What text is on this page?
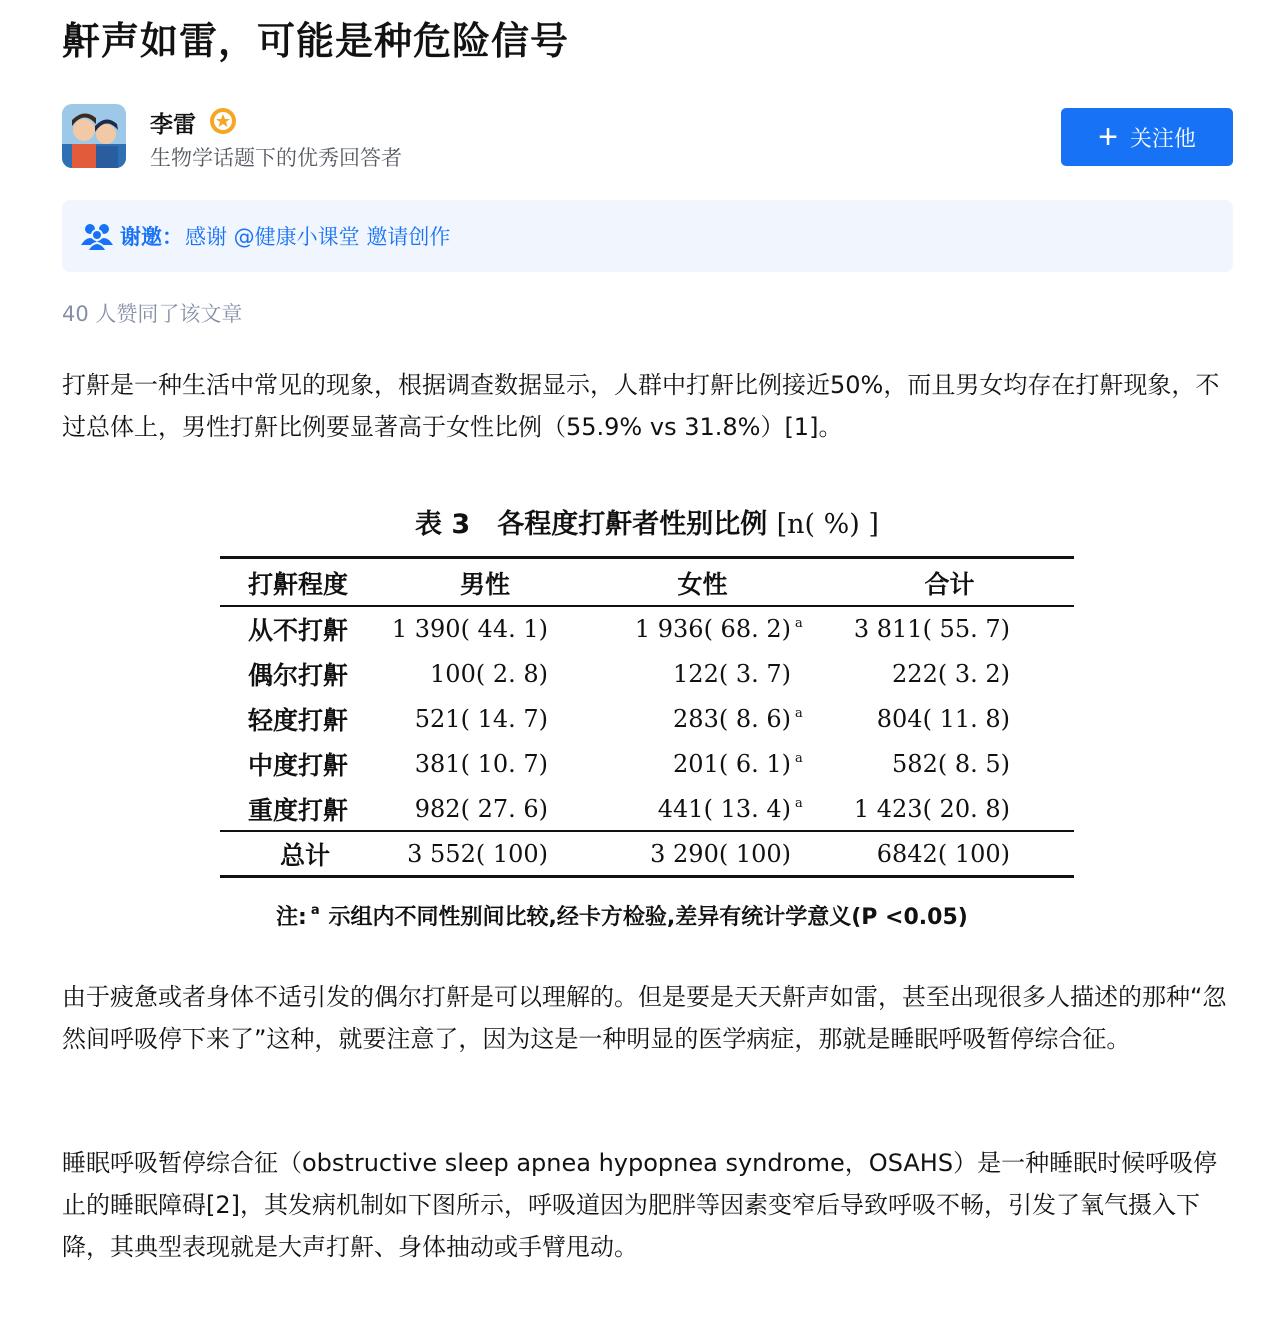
鼾声如雷，可能是种危险信号
李雷
生物学话题下的优秀回答者
+ 关注他
谢邀： 感谢 @健康小课堂 邀请创作
40 人赞同了该文章

打鼾是一种生活中常见的现象，根据调查数据显示，人群中打鼾比例接近50%，而且男女均存在打鼾现象，不过总体上，男性打鼾比例要显著高于女性比例（55.9% vs 31.8%）[1]。

表 3　各程度打鼾者性别比例 [n( %) ]
打鼾程度	男性	女性	合计
从不打鼾	1 390( 44. 1)	1 936( 68. 2) a	3 811( 55. 7)
偶尔打鼾	100( 2. 8)	122( 3. 7)	222( 3. 2)
轻度打鼾	521( 14. 7)	283( 8. 6) a	804( 11. 8)
中度打鼾	381( 10. 7)	201( 6. 1) a	582( 8. 5)
重度打鼾	982( 27. 6)	441( 13. 4) a	1 423( 20. 8)
总计	3 552( 100)	3 290( 100)	6842( 100)
注: a 示组内不同性别间比较,经卡方检验,差异有统计学意义(P <0.05)

由于疲惫或者身体不适引发的偶尔打鼾是可以理解的。但是要是天天鼾声如雷，甚至出现很多人描述的那种“忽然间呼吸停下来了”这种，就要注意了，因为这是一种明显的医学病症，那就是睡眠呼吸暂停综合征。

睡眠呼吸暂停综合征（obstructive sleep apnea hypopnea syndrome，OSAHS）是一种睡眠时候呼吸停止的睡眠障碍[2]，其发病机制如下图所示，呼吸道因为肥胖等因素变窄后导致呼吸不畅，引发了氧气摄入下降，其典型表现就是大声打鼾、身体抽动或手臂甩动。
